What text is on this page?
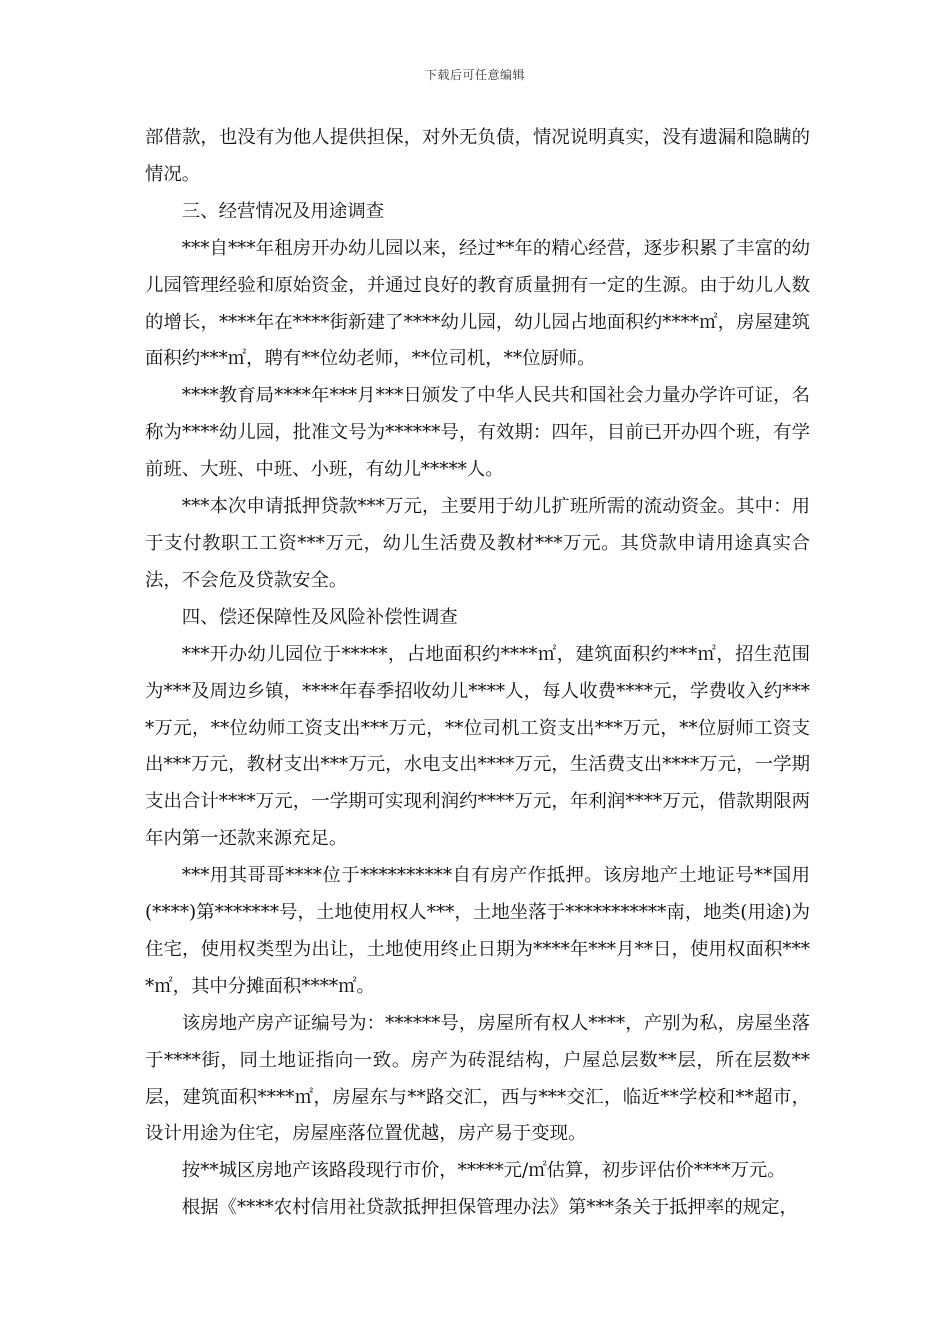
下载后可任意编辑

部借款，也没有为他人提供担保，对外无负债，情况说明真实，没有遗漏和隐瞒的情况。

三、经营情况及用途调查

***自***年租房开办幼儿园以来，经过**年的精心经营，逐步积累了丰富的幼儿园管理经验和原始资金，并通过良好的教育质量拥有一定的生源。由于幼儿人数的增长，****年在****街新建了****幼儿园，幼儿园占地面积约****㎡，房屋建筑面积约***㎡，聘有**位幼老师，**位司机，**位厨师。

****教育局****年***月***日颁发了中华人民共和国社会力量办学许可证，名称为****幼儿园，批准文号为******号，有效期：四年，目前已开办四个班，有学前班、大班、中班、小班，有幼儿*****人。

***本次申请抵押贷款***万元，主要用于幼儿扩班所需的流动资金。其中：用于支付教职工工资***万元，幼儿生活费及教材***万元。其贷款申请用途真实合法，不会危及贷款安全。

四、偿还保障性及风险补偿性调查

***开办幼儿园位于*****，占地面积约****㎡，建筑面积约***㎡，招生范围为***及周边乡镇，****年春季招收幼儿****人，每人收费****元，学费收入约****万元，**位幼师工资支出***万元，**位司机工资支出***万元，**位厨师工资支出***万元，教材支出***万元，水电支出****万元，生活费支出****万元，一学期支出合计****万元，一学期可实现利润约****万元，年利润****万元，借款期限两年内第一还款来源充足。

***用其哥哥****位于**********自有房产作抵押。该房地产土地证号**国用(****)第*******号，土地使用权人***，土地坐落于***********南，地类(用途)为住宅，使用权类型为出让，土地使用终止日期为****年***月**日，使用权面积****㎡，其中分摊面积****㎡。

该房地产房产证编号为：******号，房屋所有权人****，产别为私，房屋坐落于****街，同土地证指向一致。房产为砖混结构，户屋总层数**层，所在层数**层，建筑面积****㎡，房屋东与**路交汇，西与***交汇，临近**学校和**超市，设计用途为住宅，房屋座落位置优越，房产易于变现。

按**城区房地产该路段现行市价，*****元/㎡估算，初步评估价****万元。

根据《****农村信用社贷款抵押担保管理办法》第***条关于抵押率的规定，
